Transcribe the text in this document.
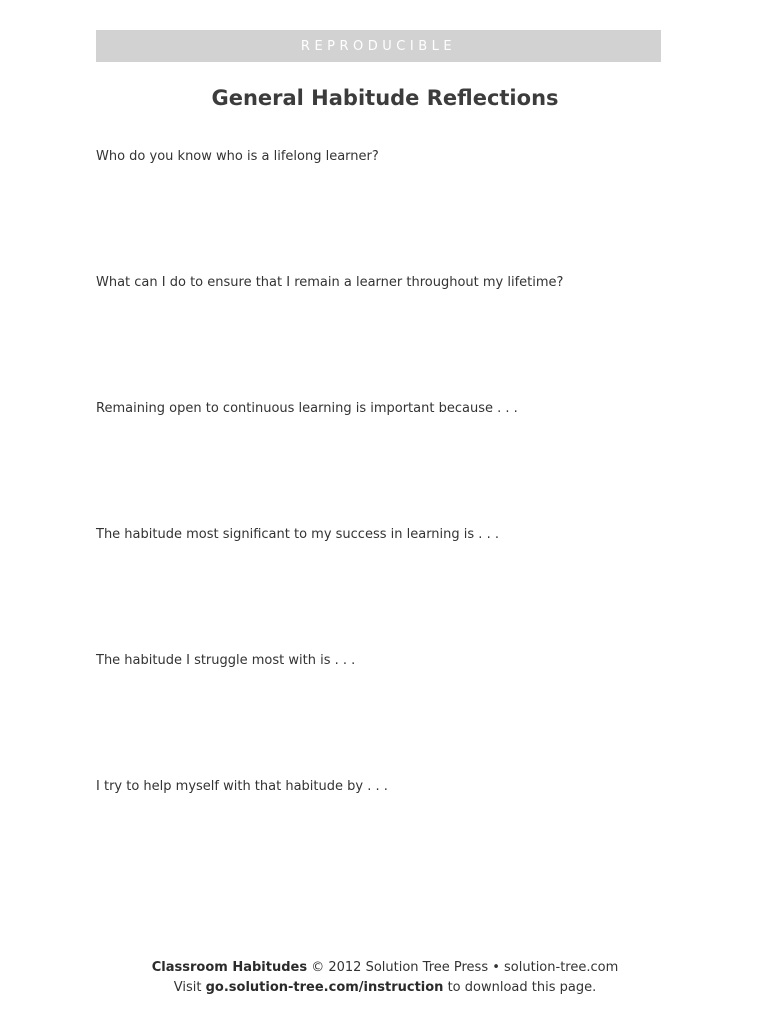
REPRODUCIBLE
General Habitude Reflections

Who do you know who is a lifelong learner?

What can I do to ensure that I remain a learner throughout my lifetime?

Remaining open to continuous learning is important because . . .

The habitude most significant to my success in learning is . . .

The habitude I struggle most with is . . .

I try to help myself with that habitude by . . .

Classroom Habitudes © 2012 Solution Tree Press • solution-tree.com
Visit go.solution-tree.com/instruction to download this page.
